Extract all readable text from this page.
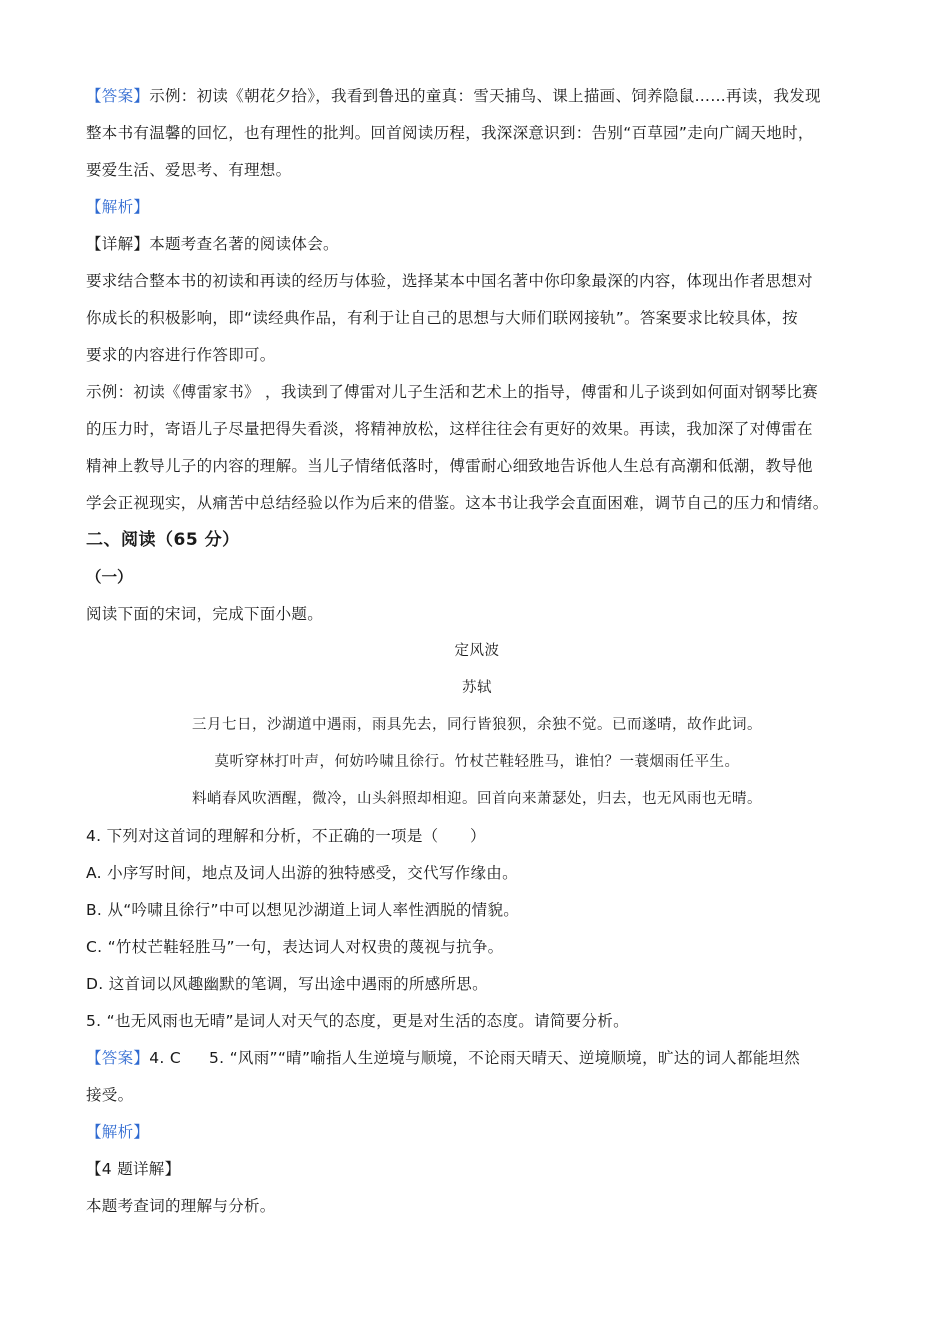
【答案】示例：初读《朝花夕拾》，我看到鲁迅的童真：雪天捕鸟、课上描画、饲养隐鼠……再读，我发现
整本书有温馨的回忆，也有理性的批判。回首阅读历程，我深深意识到：告别“百草园”走向广阔天地时，
要爱生活、爱思考、有理想。
【解析】
【详解】本题考查名著的阅读体会。
要求结合整本书的初读和再读的经历与体验，选择某本中国名著中你印象最深的内容，体现出作者思想对
你成长的积极影响，即“读经典作品，有利于让自己的思想与大师们联网接轨”。答案要求比较具体，按
要求的内容进行作答即可。
示例：初读《傅雷家书》 ，我读到了傅雷对儿子生活和艺术上的指导，傅雷和儿子谈到如何面对钢琴比赛
的压力时，寄语儿子尽量把得失看淡，将精神放松，这样往往会有更好的效果。再读，我加深了对傅雷在
精神上教导儿子的内容的理解。当儿子情绪低落时，傅雷耐心细致地告诉他人生总有高潮和低潮，教导他
学会正视现实，从痛苦中总结经验以作为后来的借鉴。这本书让我学会直面困难，调节自己的压力和情绪。
二、阅读（65 分）
（一）
阅读下面的宋词，完成下面小题。
定风波
苏轼
三月七日，沙湖道中遇雨，雨具先去，同行皆狼狈，余独不觉。已而遂晴，故作此词。
莫听穿林打叶声，何妨吟啸且徐行。竹杖芒鞋轻胜马，谁怕？一蓑烟雨任平生。
料峭春风吹酒醒，微冷，山头斜照却相迎。回首向来萧瑟处，归去，也无风雨也无晴。
4. 下列对这首词的理解和分析，不正确的一项是（　　）
A. 小序写时间，地点及词人出游的独特感受，交代写作缘由。
B. 从“吟啸且徐行”中可以想见沙湖道上词人率性洒脱的情貌。
C. “竹杖芒鞋轻胜马”一句，表达词人对权贵的蔑视与抗争。
D. 这首词以风趣幽默的笔调，写出途中遇雨的所感所思。
5. “也无风雨也无晴”是词人对天气的态度，更是对生活的态度。请简要分析。
【答案】4. C 5. “风雨”“晴”喻指人生逆境与顺境，不论雨天晴天、逆境顺境，旷达的词人都能坦然
接受。
【解析】
【4 题详解】
本题考查词的理解与分析。
